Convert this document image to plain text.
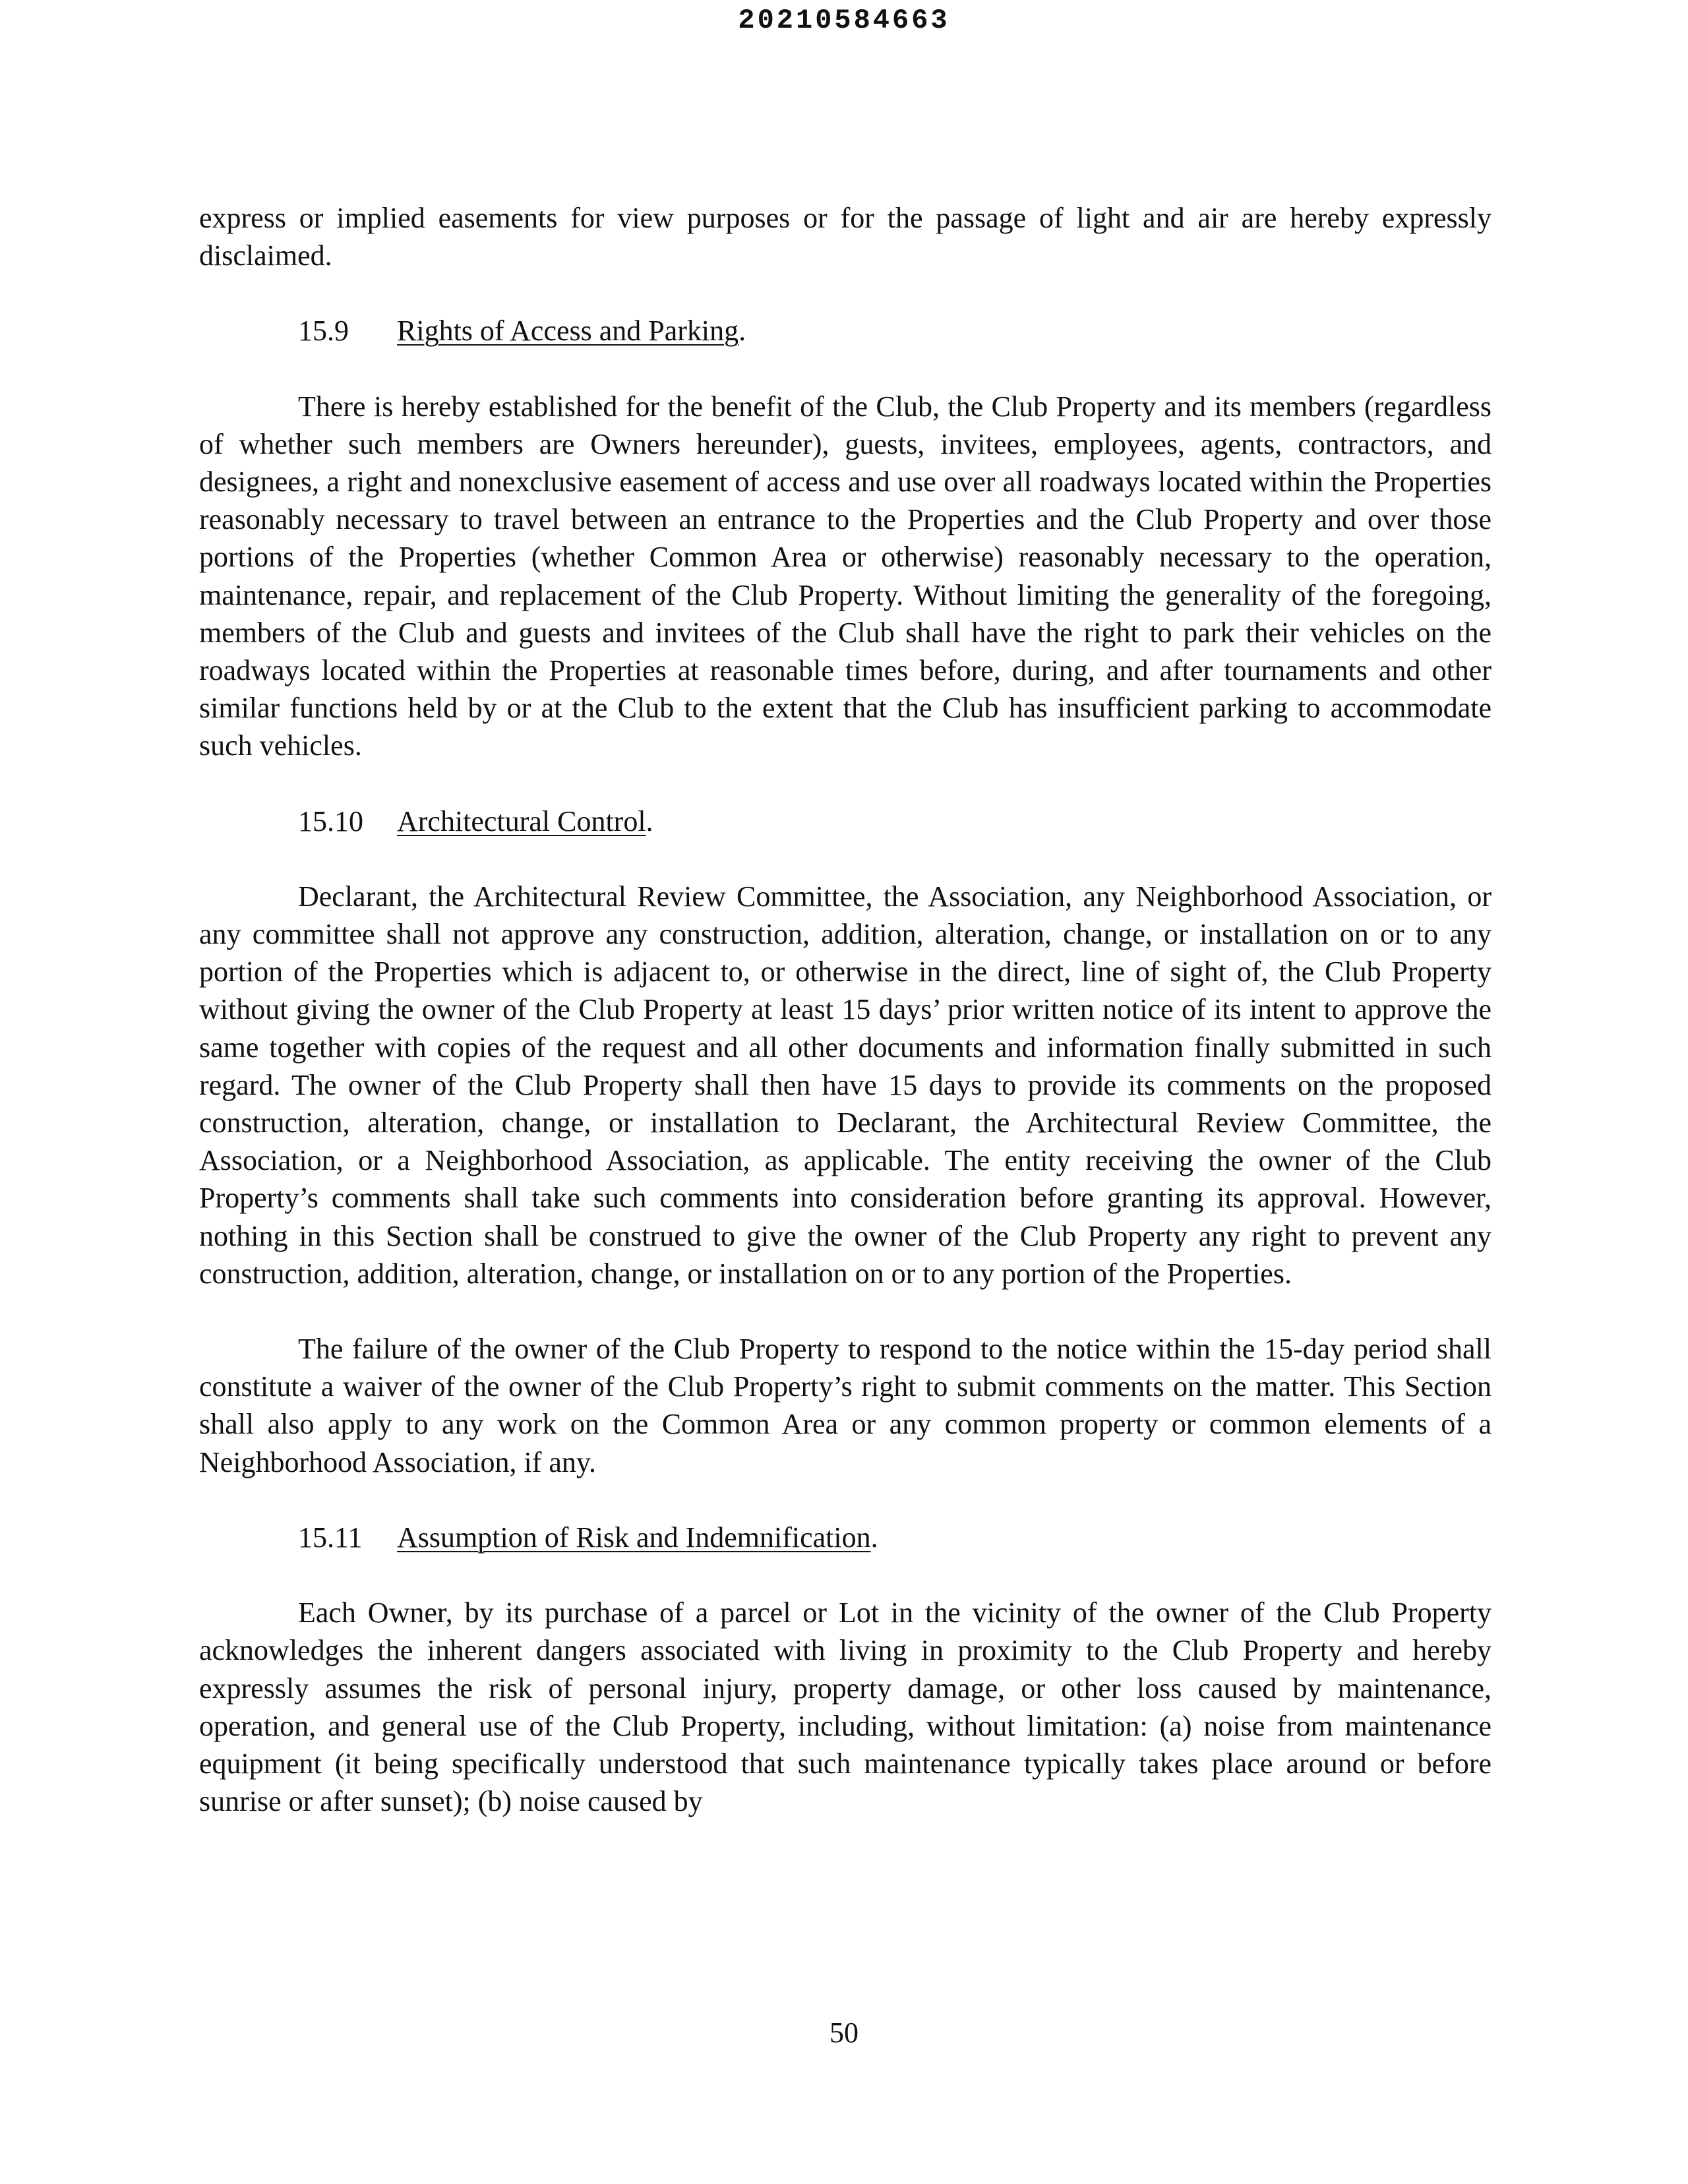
20210584663

express or implied easements for view purposes or for the passage of light and air are hereby expressly disclaimed.

15.9 Rights of Access and Parking.

There is hereby established for the benefit of the Club, the Club Property and its members (regardless of whether such members are Owners hereunder), guests, invitees, employees, agents, contractors, and designees, a right and nonexclusive easement of access and use over all roadways located within the Properties reasonably necessary to travel between an entrance to the Properties and the Club Property and over those portions of the Properties (whether Common Area or otherwise) reasonably necessary to the operation, maintenance, repair, and replacement of the Club Property. Without limiting the generality of the foregoing, members of the Club and guests and invitees of the Club shall have the right to park their vehicles on the roadways located within the Properties at reasonable times before, during, and after tournaments and other similar functions held by or at the Club to the extent that the Club has insufficient parking to accommodate such vehicles.

15.10 Architectural Control.

Declarant, the Architectural Review Committee, the Association, any Neighborhood Association, or any committee shall not approve any construction, addition, alteration, change, or installation on or to any portion of the Properties which is adjacent to, or otherwise in the direct, line of sight of, the Club Property without giving the owner of the Club Property at least 15 days’ prior written notice of its intent to approve the same together with copies of the request and all other documents and information finally submitted in such regard. The owner of the Club Property shall then have 15 days to provide its comments on the proposed construction, alteration, change, or installation to Declarant, the Architectural Review Committee, the Association, or a Neighborhood Association, as applicable. The entity receiving the owner of the Club Property’s comments shall take such comments into consideration before granting its approval. However, nothing in this Section shall be construed to give the owner of the Club Property any right to prevent any construction, addition, alteration, change, or installation on or to any portion of the Properties.

The failure of the owner of the Club Property to respond to the notice within the 15-day period shall constitute a waiver of the owner of the Club Property’s right to submit comments on the matter. This Section shall also apply to any work on the Common Area or any common property or common elements of a Neighborhood Association, if any.

15.11 Assumption of Risk and Indemnification.

Each Owner, by its purchase of a parcel or Lot in the vicinity of the owner of the Club Property acknowledges the inherent dangers associated with living in proximity to the Club Property and hereby expressly assumes the risk of personal injury, property damage, or other loss caused by maintenance, operation, and general use of the Club Property, including, without limitation: (a) noise from maintenance equipment (it being specifically understood that such maintenance typically takes place around or before sunrise or after sunset); (b) noise caused by

50
